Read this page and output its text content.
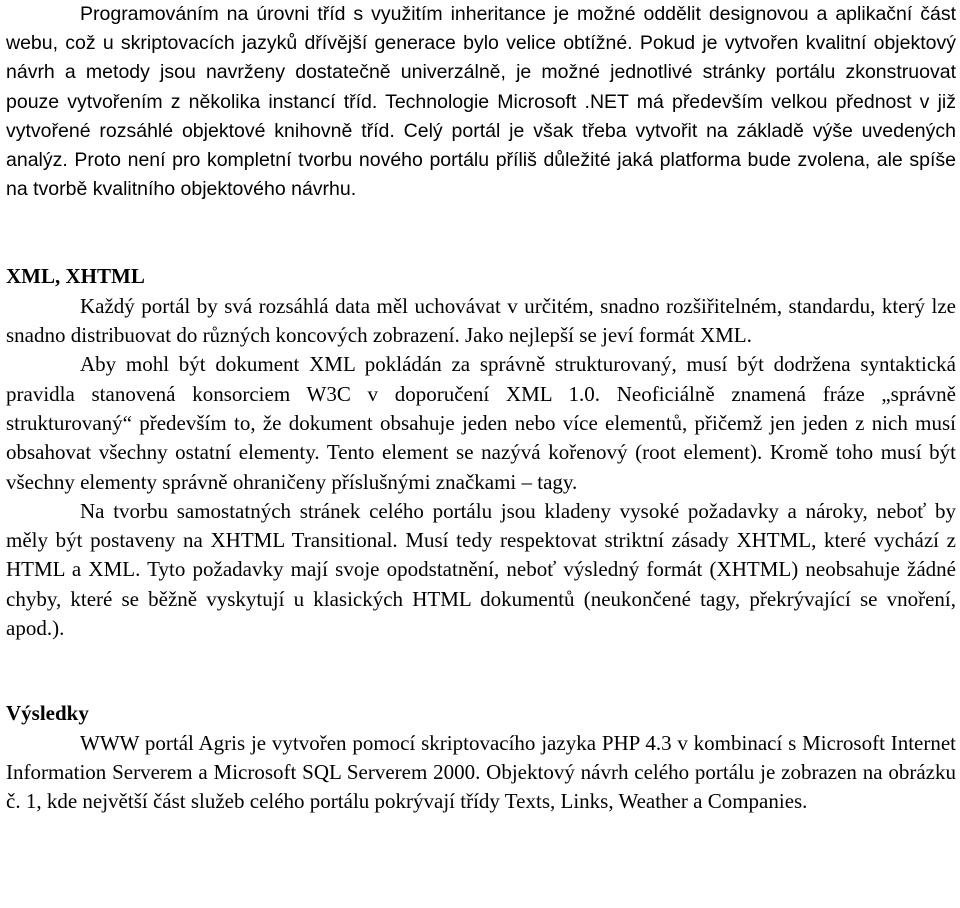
Programováním na úrovni tříd s využitím inheritance je možné oddělit designovou a aplikační část webu, což u skriptovacích jazyků dřívější generace bylo velice obtížné. Pokud je vytvořen kvalitní objektový návrh a metody jsou navrženy dostatečně univerzálně, je možné jednotlivé stránky portálu zkonstruovat pouze vytvořením z několika instancí tříd. Technologie Microsoft .NET má především velkou přednost v již vytvořené rozsáhlé objektové knihovně tříd. Celý portál je však třeba vytvořit na základě výše uvedených analýz. Proto není pro kompletní tvorbu nového portálu příliš důležité jaká platforma bude zvolena, ale spíše na tvorbě kvalitního objektového návrhu.

XML, XHTML

Každý portál by svá rozsáhlá data měl uchovávat v určitém, snadno rozšiřitelném, standardu, který lze snadno distribuovat do různých koncových zobrazení. Jako nejlepší se jeví formát XML.

Aby mohl být dokument XML pokládán za správně strukturovaný, musí být dodržena syntaktická pravidla stanovená konsorciem W3C v doporučení XML 1.0. Neoficiálně znamená fráze „správně strukturovaný“ především to, že dokument obsahuje jeden nebo více elementů, přičemž jen jeden z nich musí obsahovat všechny ostatní elementy. Tento element se nazývá kořenový (root element). Kromě toho musí být všechny elementy správně ohraničeny příslušnými značkami – tagy.

Na tvorbu samostatných stránek celého portálu jsou kladeny vysoké požadavky a nároky, neboť by měly být postaveny na XHTML Transitional. Musí tedy respektovat striktní zásady XHTML, které vychází z HTML a XML. Tyto požadavky mají svoje opodstatnění, neboť výsledný formát (XHTML) neobsahuje žádné chyby, které se běžně vyskytují u klasických HTML dokumentů (neukončené tagy, překrývající se vnoření, apod.).

Výsledky

WWW portál Agris je vytvořen pomocí skriptovacího jazyka PHP 4.3 v kombinací s Microsoft Internet Information Serverem a Microsoft SQL Serverem 2000. Objektový návrh celého portálu je zobrazen na obrázku č. 1, kde největší část služeb celého portálu pokrývají třídy Texts, Links, Weather a Companies.
